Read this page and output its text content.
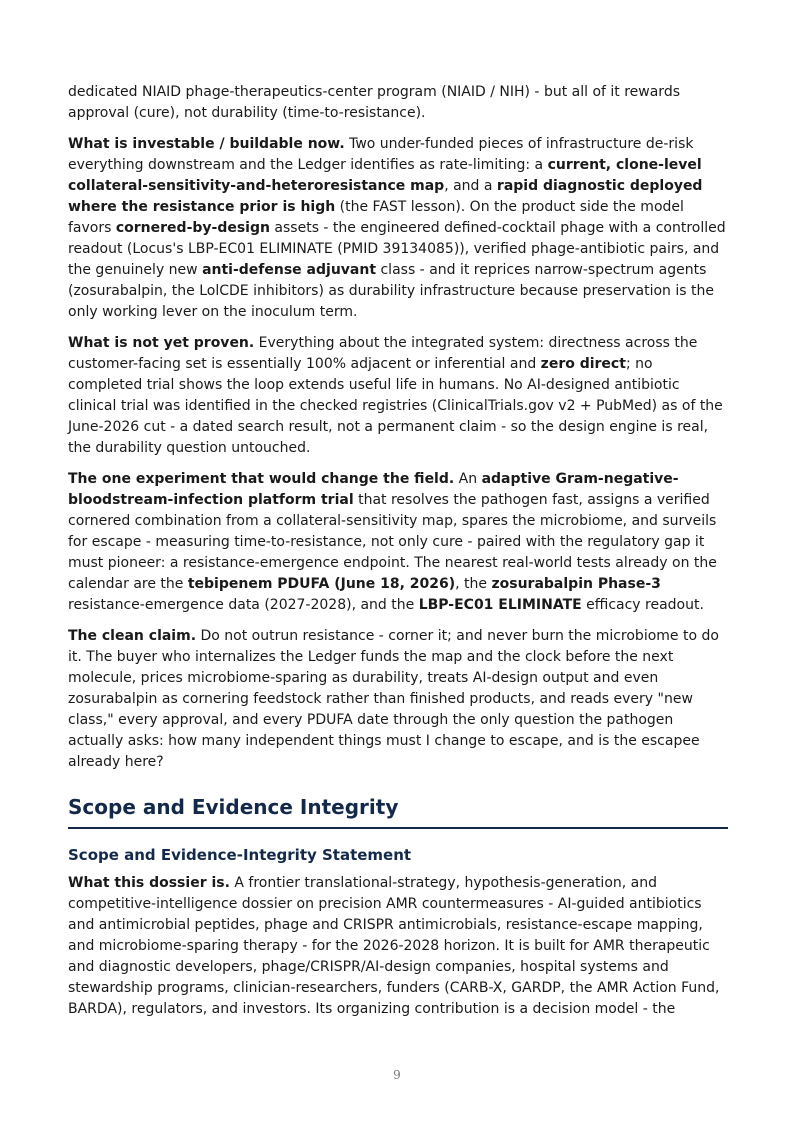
dedicated NIAID phage-therapeutics-center program (NIAID / NIH) - but all of it rewards approval (cure), not durability (time-to-resistance).

What is investable / buildable now. Two under-funded pieces of infrastructure de-risk everything downstream and the Ledger identifies as rate-limiting: a current, clone-level collateral-sensitivity-and-heteroresistance map, and a rapid diagnostic deployed where the resistance prior is high (the FAST lesson). On the product side the model favors cornered-by-design assets - the engineered defined-cocktail phage with a controlled readout (Locus's LBP-EC01 ELIMINATE (PMID 39134085)), verified phage-antibiotic pairs, and the genuinely new anti-defense adjuvant class - and it reprices narrow-spectrum agents (zosurabalpin, the LolCDE inhibitors) as durability infrastructure because preservation is the only working lever on the inoculum term.

What is not yet proven. Everything about the integrated system: directness across the customer-facing set is essentially 100% adjacent or inferential and zero direct; no completed trial shows the loop extends useful life in humans. No AI-designed antibiotic clinical trial was identified in the checked registries (ClinicalTrials.gov v2 + PubMed) as of the June-2026 cut - a dated search result, not a permanent claim - so the design engine is real, the durability question untouched.

The one experiment that would change the field. An adaptive Gram-negative-bloodstream-infection platform trial that resolves the pathogen fast, assigns a verified cornered combination from a collateral-sensitivity map, spares the microbiome, and surveils for escape - measuring time-to-resistance, not only cure - paired with the regulatory gap it must pioneer: a resistance-emergence endpoint. The nearest real-world tests already on the calendar are the tebipenem PDUFA (June 18, 2026), the zosurabalpin Phase-3 resistance-emergence data (2027-2028), and the LBP-EC01 ELIMINATE efficacy readout.

The clean claim. Do not outrun resistance - corner it; and never burn the microbiome to do it. The buyer who internalizes the Ledger funds the map and the clock before the next molecule, prices microbiome-sparing as durability, treats AI-design output and even zosurabalpin as cornering feedstock rather than finished products, and reads every "new class," every approval, and every PDUFA date through the only question the pathogen actually asks: how many independent things must I change to escape, and is the escapee already here?

Scope and Evidence Integrity
Scope and Evidence-Integrity Statement

What this dossier is. A frontier translational-strategy, hypothesis-generation, and competitive-intelligence dossier on precision AMR countermeasures - AI-guided antibiotics and antimicrobial peptides, phage and CRISPR antimicrobials, resistance-escape mapping, and microbiome-sparing therapy - for the 2026-2028 horizon. It is built for AMR therapeutic and diagnostic developers, phage/CRISPR/AI-design companies, hospital systems and stewardship programs, clinician-researchers, funders (CARB-X, GARDP, the AMR Action Fund, BARDA), regulators, and investors. Its organizing contribution is a decision model - the

9
